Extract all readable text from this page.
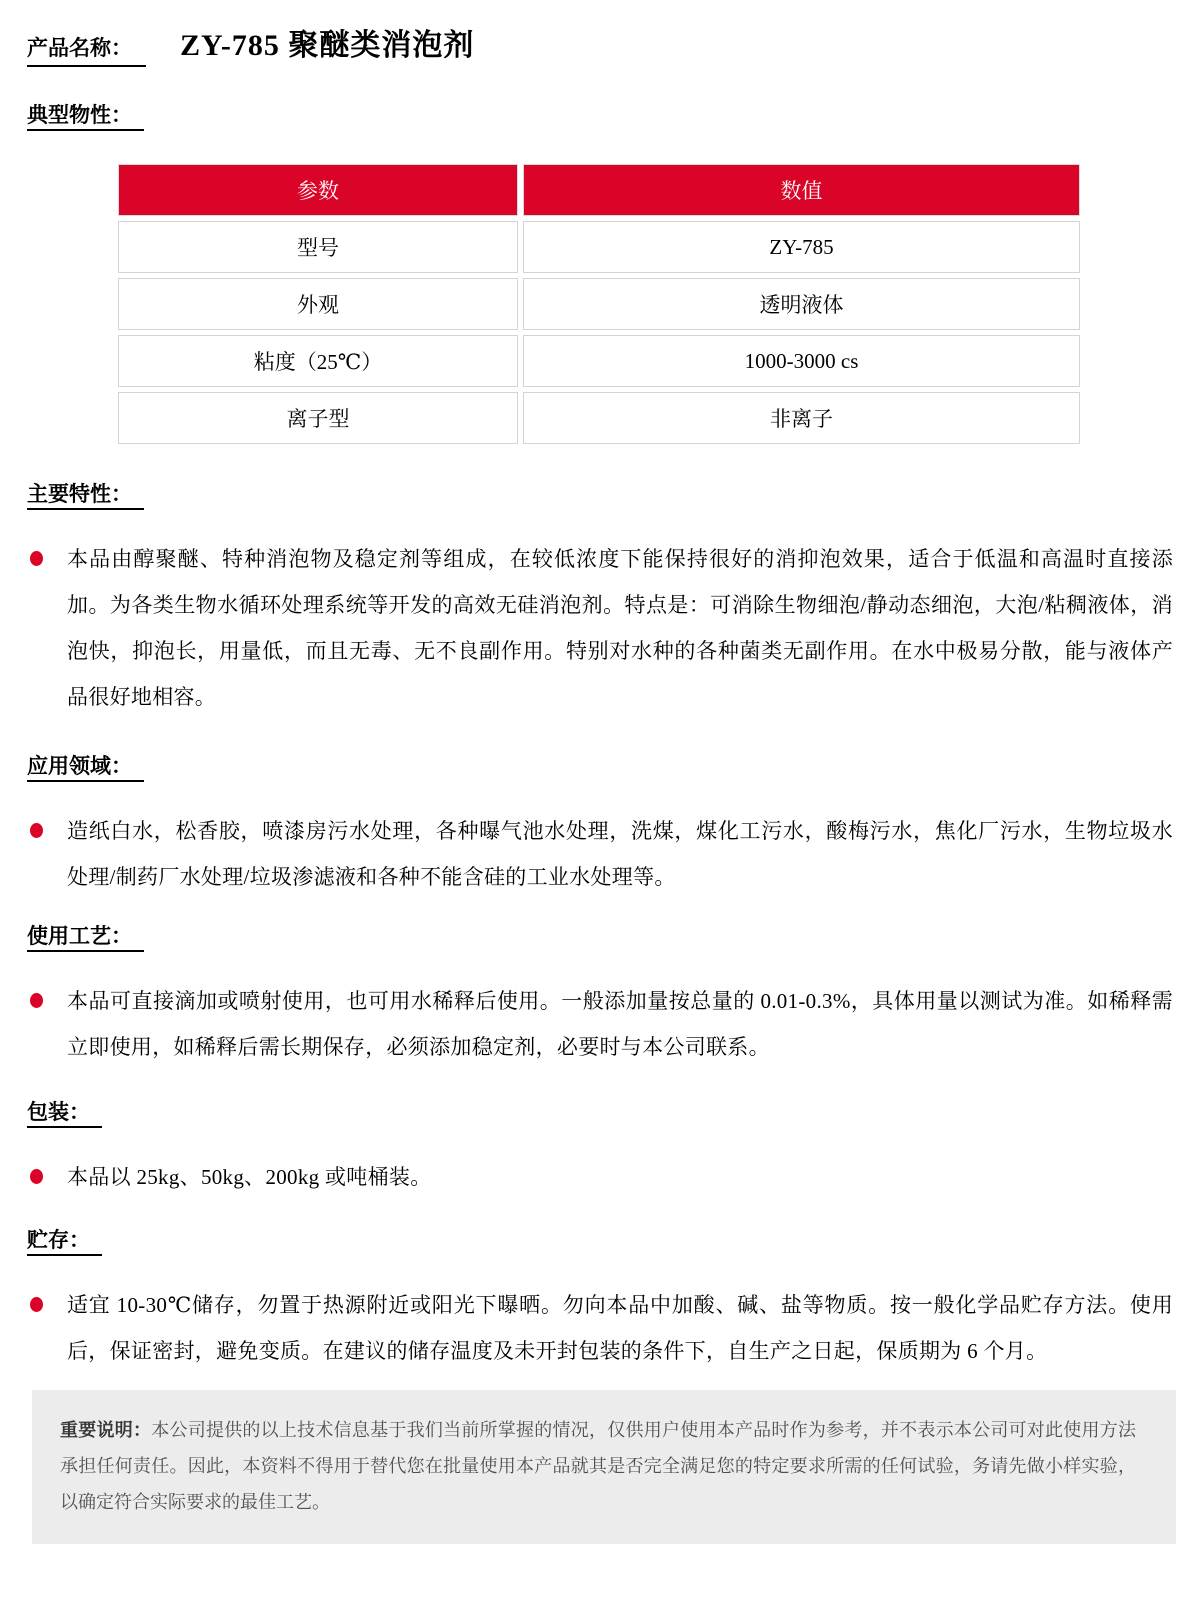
产品名称：	ZY-785 聚醚类消泡剂
典型物性：
参数	数值
型号	ZY-785
外观	透明液体
粘度（25℃）	1000-3000 cs
离子型	非离子
主要特性：
本品由醇聚醚、特种消泡物及稳定剂等组成，在较低浓度下能保持很好的消抑泡效果，适合于低温和高温时直接添加。为各类生物水循环处理系统等开发的高效无硅消泡剂。特点是：可消除生物细泡/静动态细泡，大泡/粘稠液体，消泡快，抑泡长，用量低，而且无毒、无不良副作用。特别对水种的各种菌类无副作用。在水中极易分散，能与液体产品很好地相容。
应用领域：
造纸白水，松香胶，喷漆房污水处理，各种曝气池水处理，洗煤，煤化工污水，酸梅污水，焦化厂污水，生物垃圾水处理/制药厂水处理/垃圾渗滤液和各种不能含硅的工业水处理等。
使用工艺：
本品可直接滴加或喷射使用，也可用水稀释后使用。一般添加量按总量的 0.01-0.3%，具体用量以测试为准。如稀释需立即使用，如稀释后需长期保存，必须添加稳定剂，必要时与本公司联系。
包装：
本品以 25kg、50kg、200kg 或吨桶装。
贮存：
适宜 10-30℃储存，勿置于热源附近或阳光下曝晒。勿向本品中加酸、碱、盐等物质。按一般化学品贮存方法。使用后，保证密封，避免变质。在建议的储存温度及未开封包装的条件下，自生产之日起，保质期为 6 个月。
重要说明：本公司提供的以上技术信息基于我们当前所掌握的情况，仅供用户使用本产品时作为参考，并不表示本公司可对此使用方法承担任何责任。因此，本资料不得用于替代您在批量使用本产品就其是否完全满足您的特定要求所需的任何试验，务请先做小样实验，以确定符合实际要求的最佳工艺。
